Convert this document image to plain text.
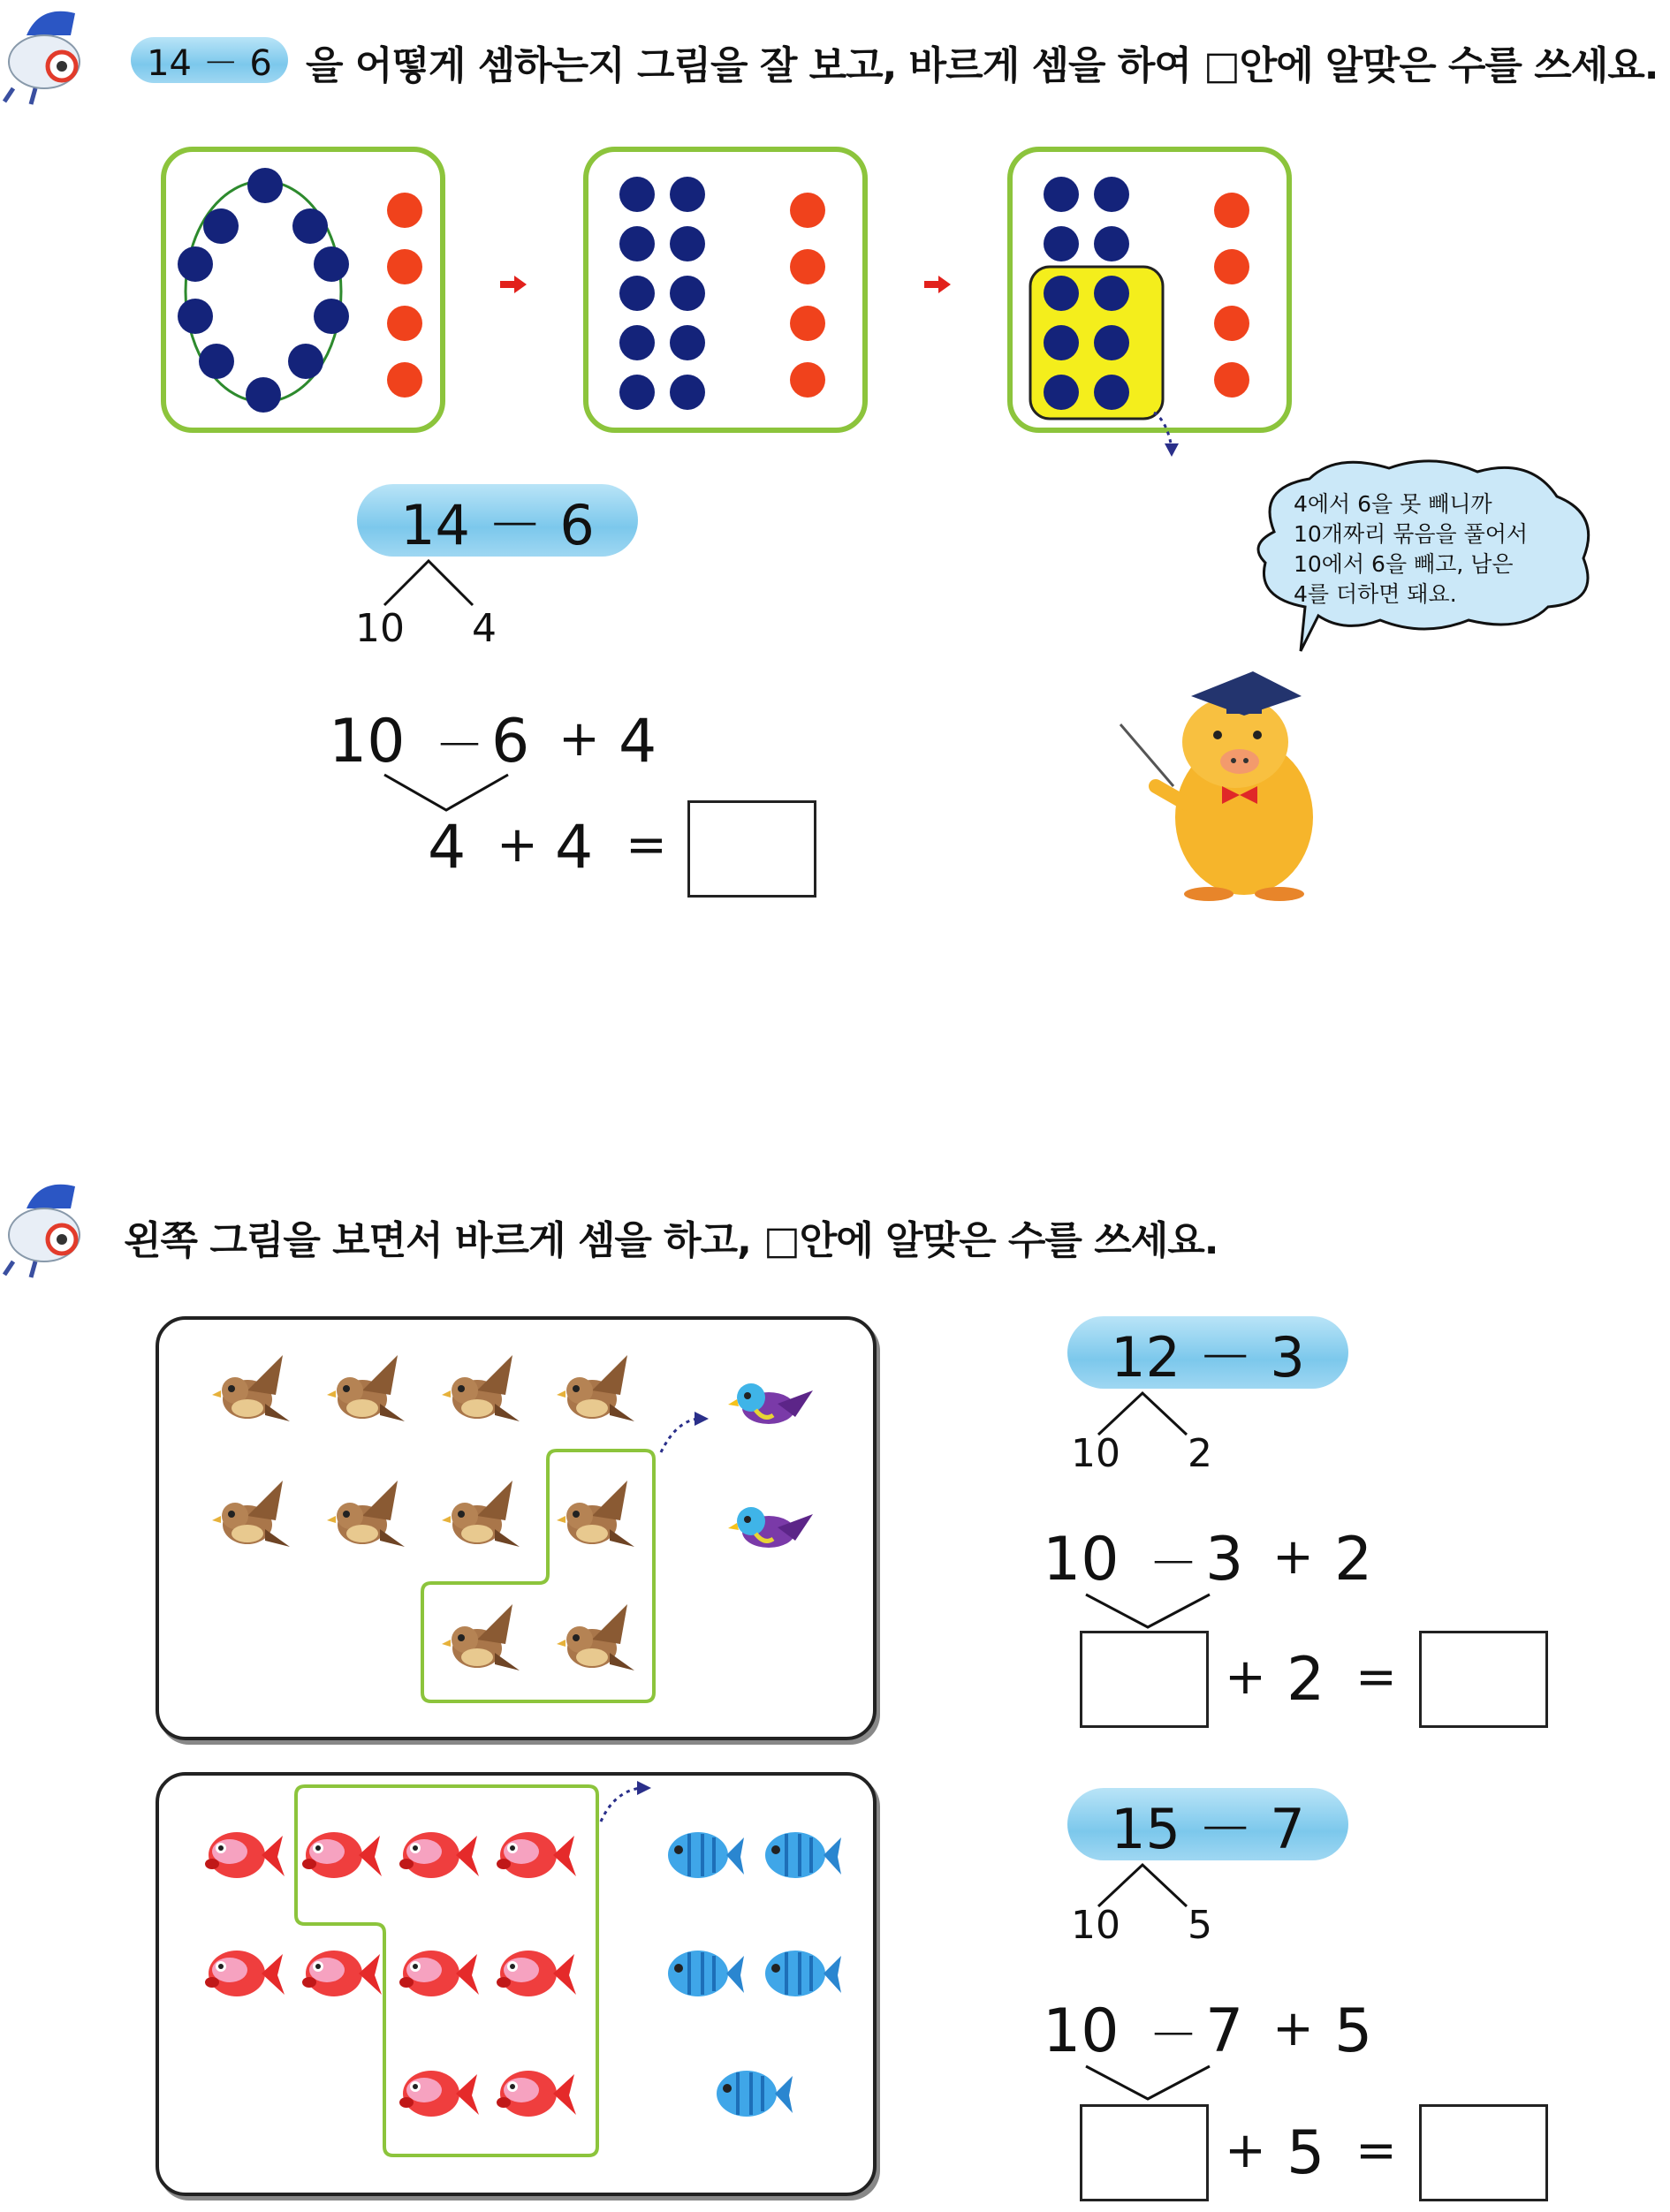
14 － 6 을 어떻게 셈하는지 그림을 잘 보고, 바르게 셈을 하여 □안에 알맞은 수를 쓰세요.
14 － 6
10 4
10 － 6 + 4
4 + 4 =
4에서 6을 못 빼니까
10개짜리 묶음을 풀어서
10에서 6을 빼고, 남은
4를 더하면 돼요.
왼쪽 그림을 보면서 바르게 셈을 하고, □안에 알맞은 수를 쓰세요.
12 － 3
10 2
10 － 3 + 2
+ 2 =
15 － 7
10 5
10 － 7 + 5
+ 5 =
